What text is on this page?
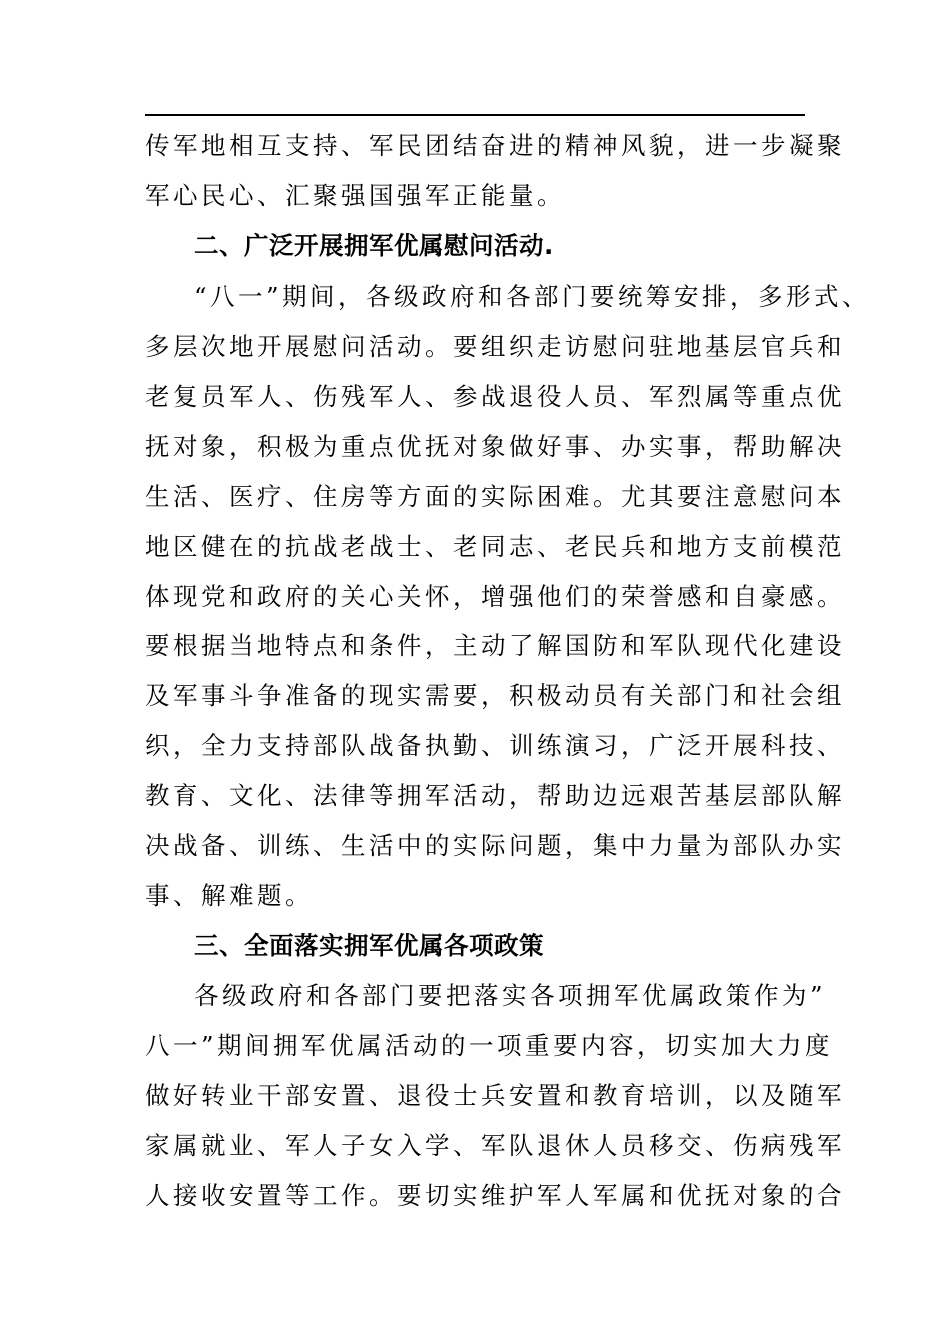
传军地相互支持、军民团结奋进的精神风貌，进一步凝聚
军心民心、汇聚强国强军正能量。
二、广泛开展拥军优属慰问活动.
“八一”期间，各级政府和各部门要统筹安排，多形式、
多层次地开展慰问活动。要组织走访慰问驻地基层官兵和
老复员军人、伤残军人、参战退役人员、军烈属等重点优
抚对象，积极为重点优抚对象做好事、办实事，帮助解决
生活、医疗、住房等方面的实际困难。尤其要注意慰问本
地区健在的抗战老战士、老同志、老民兵和地方支前模范
体现党和政府的关心关怀，增强他们的荣誉感和自豪感。
要根据当地特点和条件，主动了解国防和军队现代化建设
及军事斗争准备的现实需要，积极动员有关部门和社会组
织，全力支持部队战备执勤、训练演习，广泛开展科技、
教育、文化、法律等拥军活动，帮助边远艰苦基层部队解
决战备、训练、生活中的实际问题，集中力量为部队办实
事、解难题。
三、全面落实拥军优属各项政策
各级政府和各部门要把落实各项拥军优属政策作为”
八一”期间拥军优属活动的一项重要内容，切实加大力度
做好转业干部安置、退役士兵安置和教育培训，以及随军
家属就业、军人子女入学、军队退休人员移交、伤病残军
人接收安置等工作。要切实维护军人军属和优抚对象的合
